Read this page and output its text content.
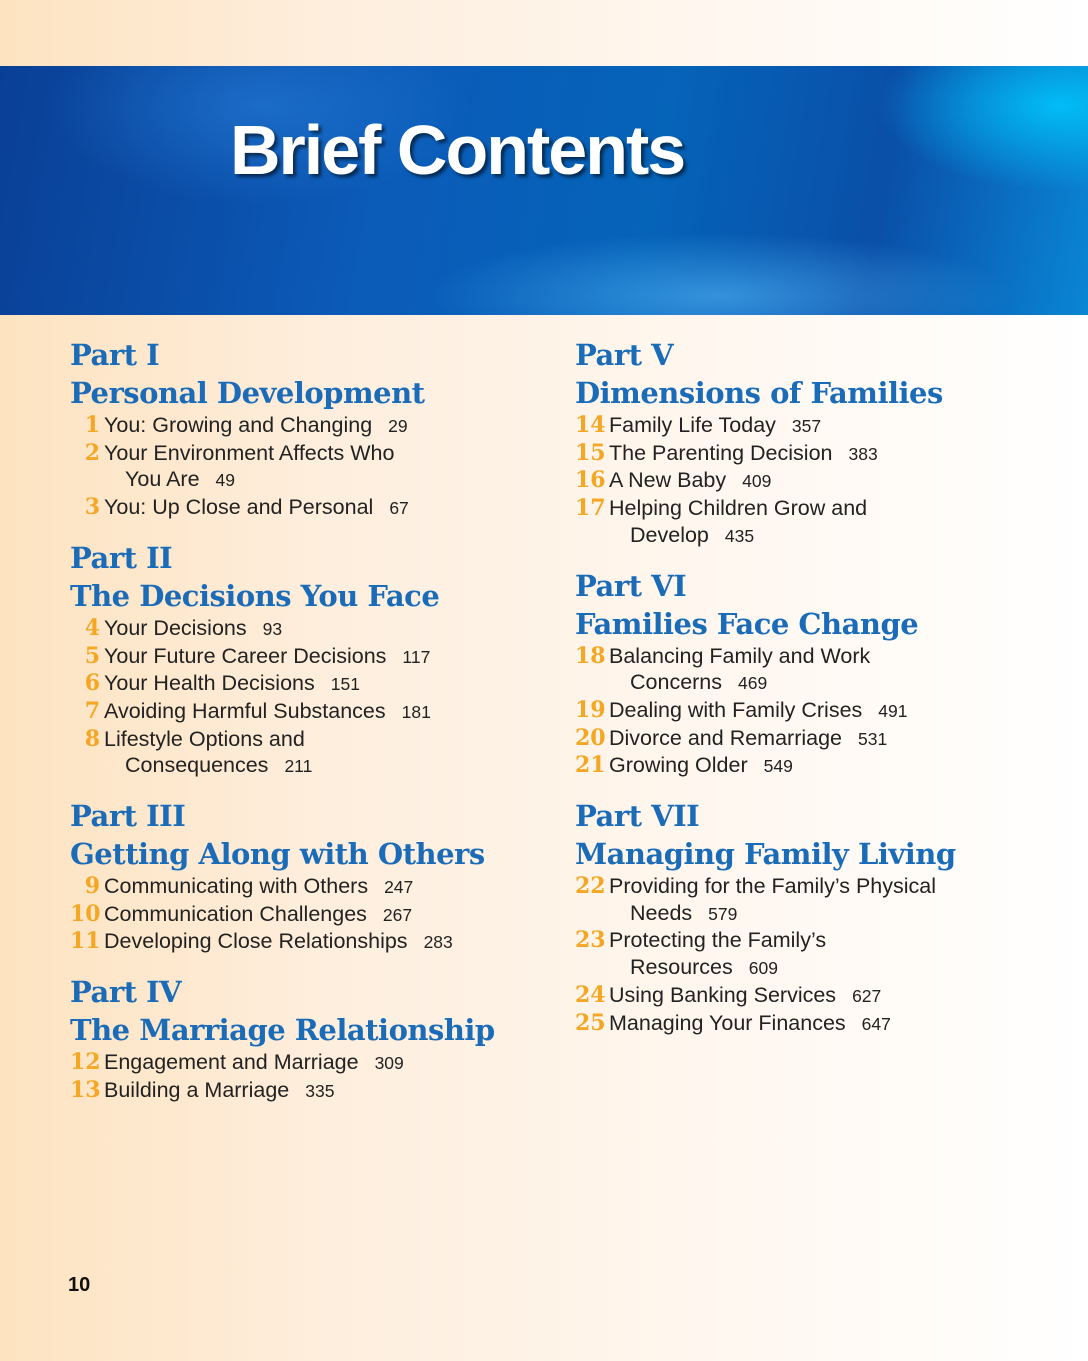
Brief Contents
Part I
Personal Development
1 You: Growing and Changing 29
2 Your Environment Affects Who
You Are 49
3 You: Up Close and Personal 67
Part II
The Decisions You Face
4 Your Decisions 93
5 Your Future Career Decisions 117
6 Your Health Decisions 151
7 Avoiding Harmful Substances 181
8 Lifestyle Options and
Consequences 211
Part III
Getting Along with Others
9 Communicating with Others 247
10 Communication Challenges 267
11 Developing Close Relationships 283
Part IV
The Marriage Relationship
12 Engagement and Marriage 309
13 Building a Marriage 335
Part V
Dimensions of Families
14 Family Life Today 357
15 The Parenting Decision 383
16 A New Baby 409
17 Helping Children Grow and
Develop 435
Part VI
Families Face Change
18 Balancing Family and Work
Concerns 469
19 Dealing with Family Crises 491
20 Divorce and Remarriage 531
21 Growing Older 549
Part VII
Managing Family Living
22 Providing for the Family’s Physical
Needs 579
23 Protecting the Family’s
Resources 609
24 Using Banking Services 627
25 Managing Your Finances 647
10
